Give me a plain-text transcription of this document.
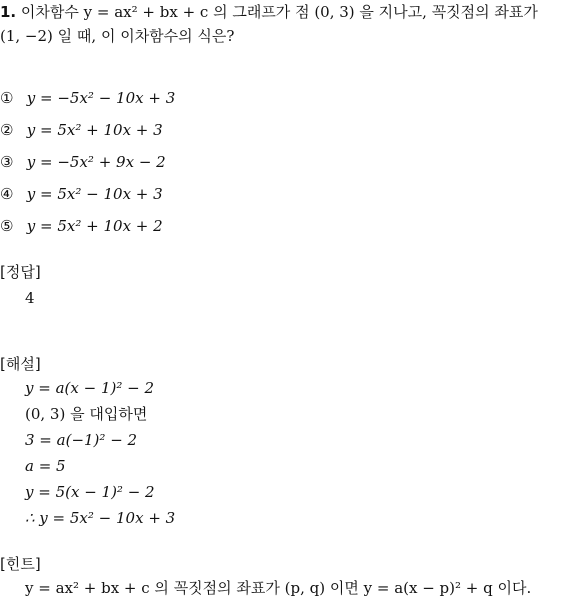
1. 이차함수 y = ax² + bx + c 의 그래프가 점 (0, 3) 을 지나고, 꼭짓점의 좌표가
(1, −2) 일 때, 이 이차함수의 식은?
① y = −5x² − 10x + 3
② y = 5x² + 10x + 3
③ y = −5x² + 9x − 2
④ y = 5x² − 10x + 3
⑤ y = 5x² + 10x + 2
[정답]
4
[해설]
y = a(x − 1)² − 2
(0, 3) 을 대입하면
3 = a(−1)² − 2
a = 5
y = 5(x − 1)² − 2
∴ y = 5x² − 10x + 3
[힌트]
y = ax² + bx + c 의 꼭짓점의 좌표가 (p, q) 이면 y = a(x − p)² + q 이다.
